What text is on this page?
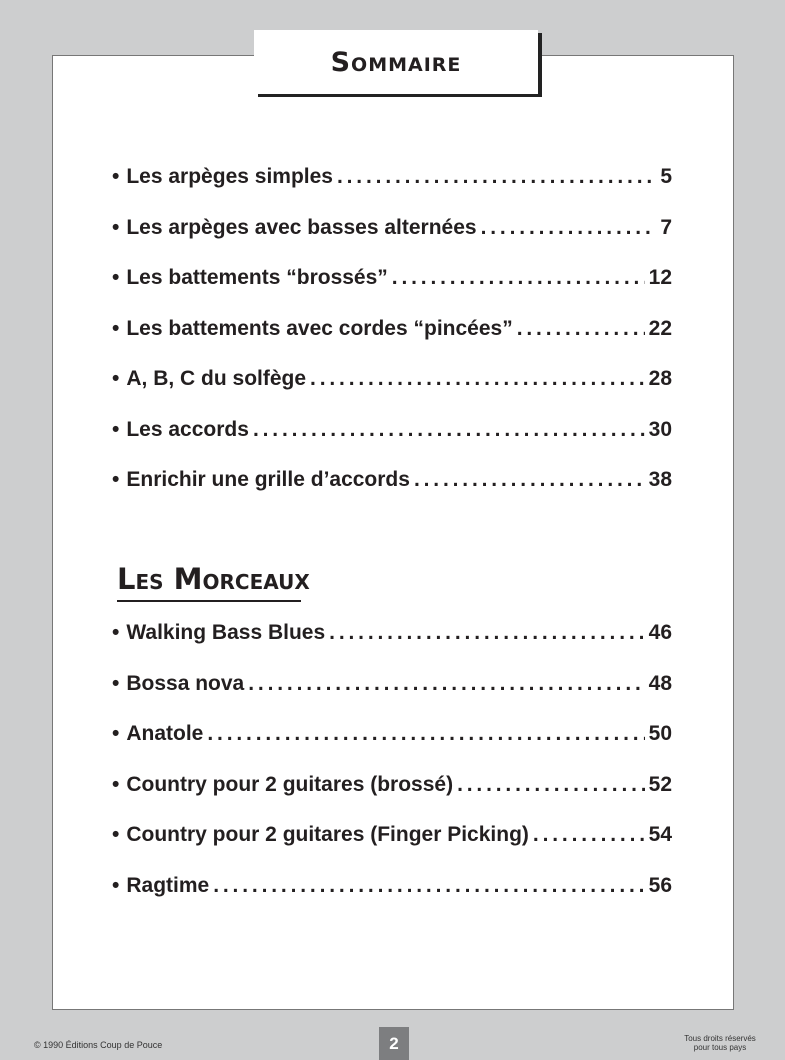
Sommaire
• Les arpèges simples . . .	5
• Les arpèges avec basses alternées . . .	7
• Les battements “brossés” . . .	12
• Les battements avec cordes “pincées” . . .	22
• A, B, C du solfège . . .	28
• Les accords . . .	30
• Enrichir une grille d’accords . . .	38
Les Morceaux
• Walking Bass Blues . . .	46
• Bossa nova . . .	48
• Anatole . . .	50
• Country pour 2 guitares (brossé) . . .	52
• Country pour 2 guitares (Finger Picking) . . .	54
• Ragtime . . .	56
© 1990 Éditions Coup de Pouce	2	Tous droits réservés
pour tous pays
